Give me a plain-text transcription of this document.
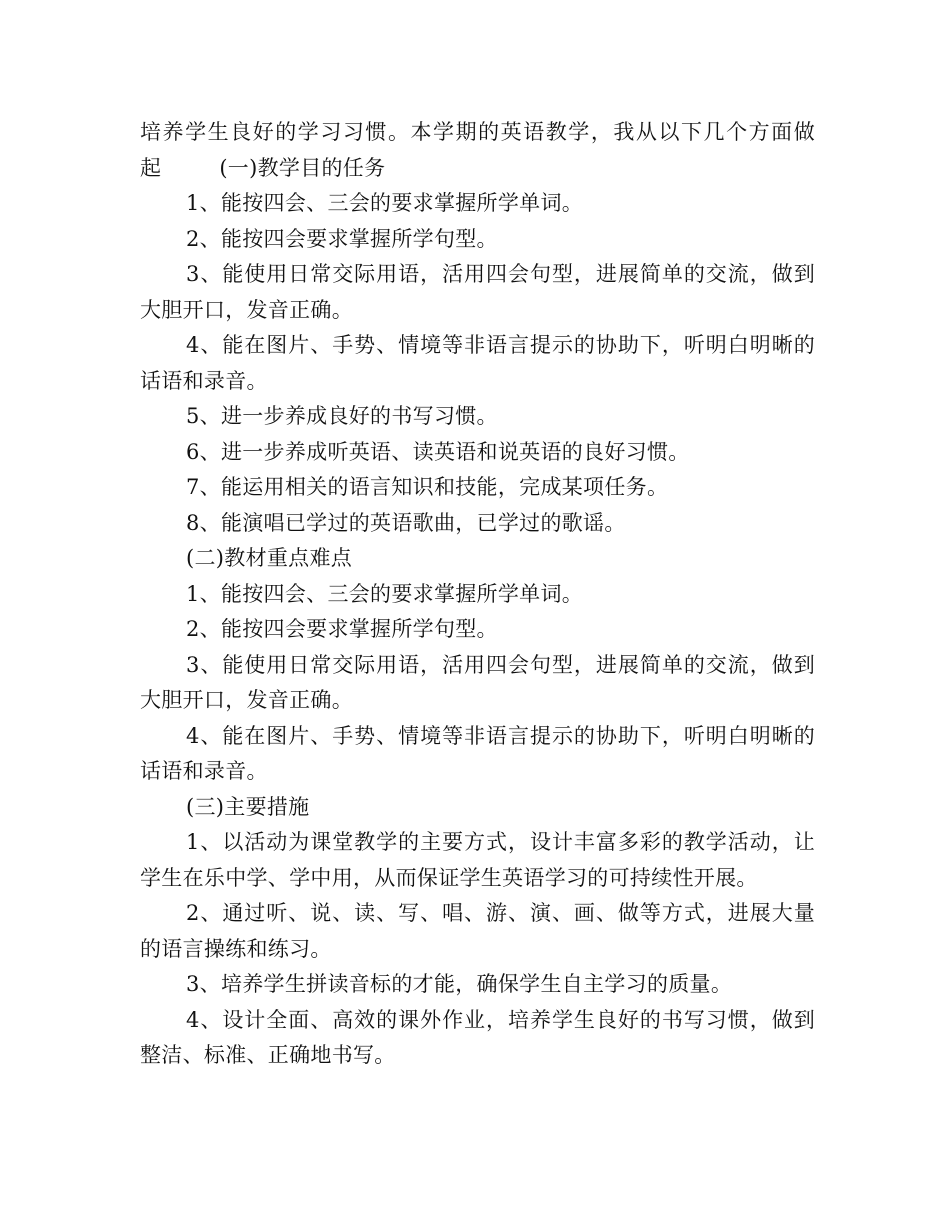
培养学生良好的学习习惯。本学期的英语教学，我从以下几个方面做

起	(一)教学目的任务

1、能按四会、三会的要求掌握所学单词。

2、能按四会要求掌握所学句型。

3、能使用日常交际用语，活用四会句型，进展简单的交流，做到大胆开口，发音正确。

4、能在图片、手势、情境等非语言提示的协助下，听明白明晰的话语和录音。

5、进一步养成良好的书写习惯。

6、进一步养成听英语、读英语和说英语的良好习惯。

7、能运用相关的语言知识和技能，完成某项任务。

8、能演唱已学过的英语歌曲，已学过的歌谣。

(二)教材重点难点

1、能按四会、三会的要求掌握所学单词。

2、能按四会要求掌握所学句型。

3、能使用日常交际用语，活用四会句型，进展简单的交流，做到大胆开口，发音正确。

4、能在图片、手势、情境等非语言提示的协助下，听明白明晰的话语和录音。

(三)主要措施

1、以活动为课堂教学的主要方式，设计丰富多彩的教学活动，让学生在乐中学、学中用，从而保证学生英语学习的可持续性开展。

2、通过听、说、读、写、唱、游、演、画、做等方式，进展大量的语言操练和练习。

3、培养学生拼读音标的才能，确保学生自主学习的质量。

4、设计全面、高效的课外作业，培养学生良好的书写习惯，做到整洁、标准、正确地书写。
